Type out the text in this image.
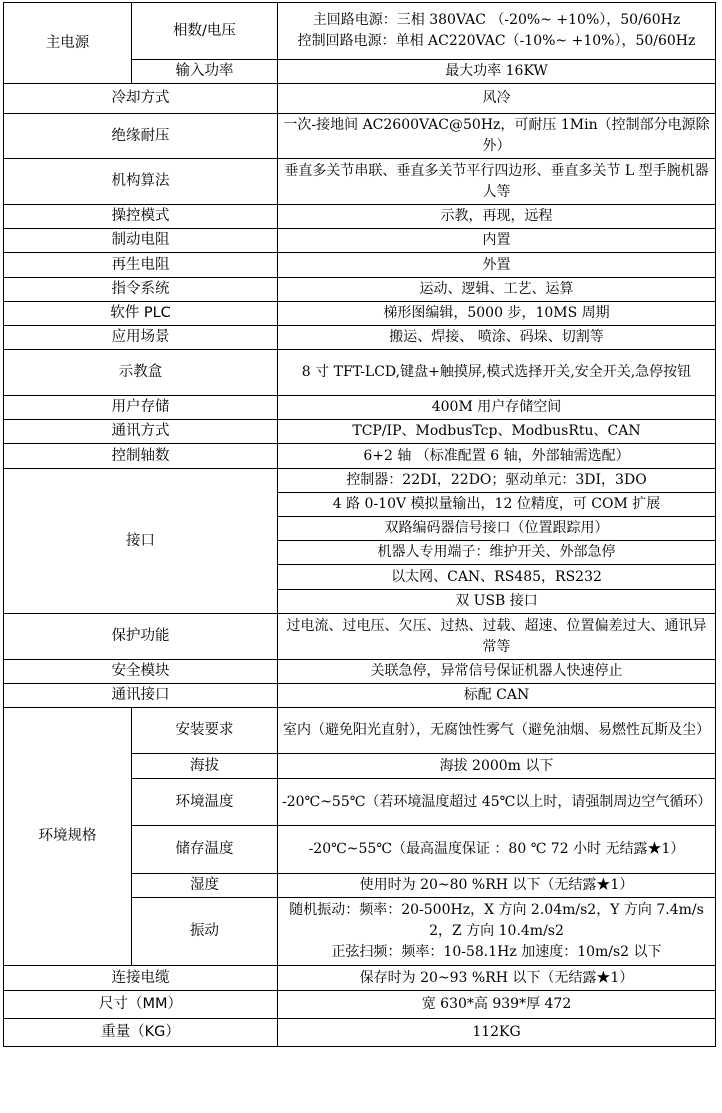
主电源	相数/电压	主回路电源：三相 380VAC （-20%~ +10%），50/60Hz
控制回路电源：单相 AC220VAC（-10%~ +10%），50/60Hz

	输入功率	最大功率 16KW
冷却方式		风冷
绝缘耐压		一次-接地间 AC2600VAC@50Hz，可耐压 1Min（控制部分电源除外）
机构算法		垂直多关节串联、垂直多关节平行四边形、垂直多关节 L 型手腕机器人等
操控模式		示教，再现，远程
制动电阻		内置
再生电阻		外置
指令系统		运动、逻辑、工艺、运算
软件 PLC		梯形图编辑，5000 步，10MS 周期
应用场景		搬运、焊接、 喷涂、码垛、切割等
示教盒		8 寸 TFT-LCD,键盘+触摸屏,模式选择开关,安全开关,急停按钮
用户存储		400M 用户存储空间
通讯方式		TCP/IP、ModbusTcp、ModbusRtu、CAN
控制轴数		6+2 轴 （标准配置 6 轴，外部轴需选配）
接口		控制器：22DI，22DO；驱动单元：3DI，3DO
		4 路 0-10V 模拟量输出，12 位精度，可 COM 扩展
		双路编码器信号接口（位置跟踪用）
		机器人专用端子：维护开关、外部急停
		以太网、CAN、RS485，RS232
		双 USB 接口
保护功能		过电流、过电压、欠压、过热、过载、超速、位置偏差过大、通讯异常等
安全模块		关联急停，异常信号保证机器人快速停止
通讯接口		标配 CAN
环境规格	安装要求	室内（避免阳光直射），无腐蚀性雾气（避免油烟、易燃性瓦斯及尘）
	海拔	海拔 2000m 以下
	环境温度	-20℃~55℃（若环境温度超过 45℃以上时，请强制周边空气循环）
	储存温度	-20℃~55℃（最高温度保证 ：80 ℃ 72 小时 无结露★1）
	湿度	使用时为 20~80 %RH 以下（无结露★1）
	振动	随机振动：频率：20-500Hz，X 方向 2.04m/s2，Y 方向 7.4m/s2，Z 方向 10.4m/s2
正弦扫频：频率：10-58.1Hz 加速度：10m/s2 以下

连接电缆		保存时为 20~93 %RH 以下（无结露★1）
尺寸（MM）		宽 630*高 939*厚 472
重量（KG）		112KG
